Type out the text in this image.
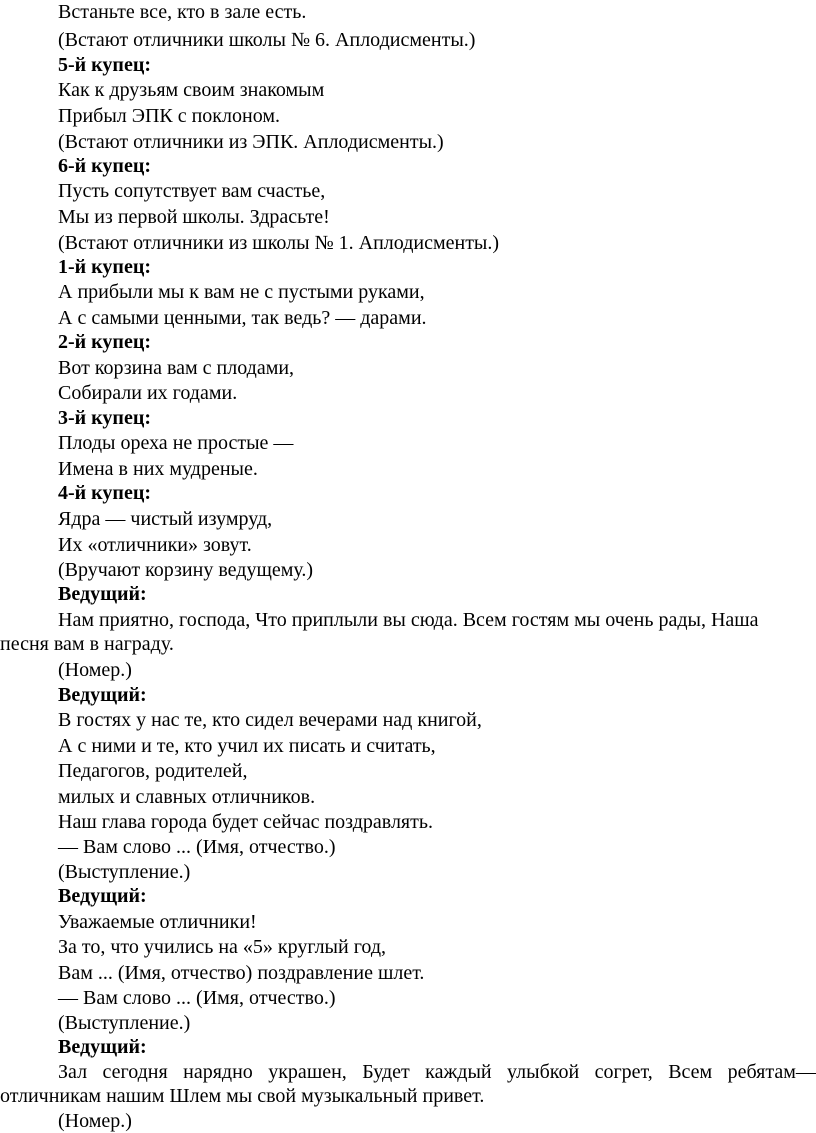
Встаньте все, кто в зале есть.
(Встают отличники школы № 6. Аплодисменты.)
5-й купец:
Как к друзьям своим знакомым
Прибыл ЭПК с поклоном.
(Встают отличники из ЭПК. Аплодисменты.)
6-й купец:
Пусть сопутствует вам счастье,
Мы из первой школы. Здрасьте!
(Встают отличники из школы № 1. Аплодисменты.)
1-й купец:
А прибыли мы к вам не с пустыми руками,
А с самыми ценными, так ведь? — дарами.
2-й купец:
Вот корзина вам с плодами,
Собирали их годами.
3-й купец:
Плоды ореха не простые —
Имена в них мудреные.
4-й купец:
Ядра — чистый изумруд,
Их «отличники» зовут.
(Вручают корзину ведущему.)
Ведущий:
Нам приятно, господа, Что приплыли вы сюда. Всем гостям мы очень рады, Наша
песня вам в награду.
(Номер.)
Ведущий:
В гостях у нас те, кто сидел вечерами над книгой,
А с ними и те, кто учил их писать и считать,
Педагогов, родителей,
милых и славных отличников.
Наш глава города будет сейчас поздравлять.
— Вам слово ... (Имя, отчество.)
(Выступление.)
Ведущий:
Уважаемые отличники!
За то, что учились на «5» круглый год,
Вам ... (Имя, отчество) поздравление шлет.
— Вам слово ... (Имя, отчество.)
(Выступление.)
Ведущий:
Зал сегодня нарядно украшен, Будет каждый улыбкой согрет, Всем ребятам—
отличникам нашим Шлем мы свой музыкальный привет.
(Номер.)
